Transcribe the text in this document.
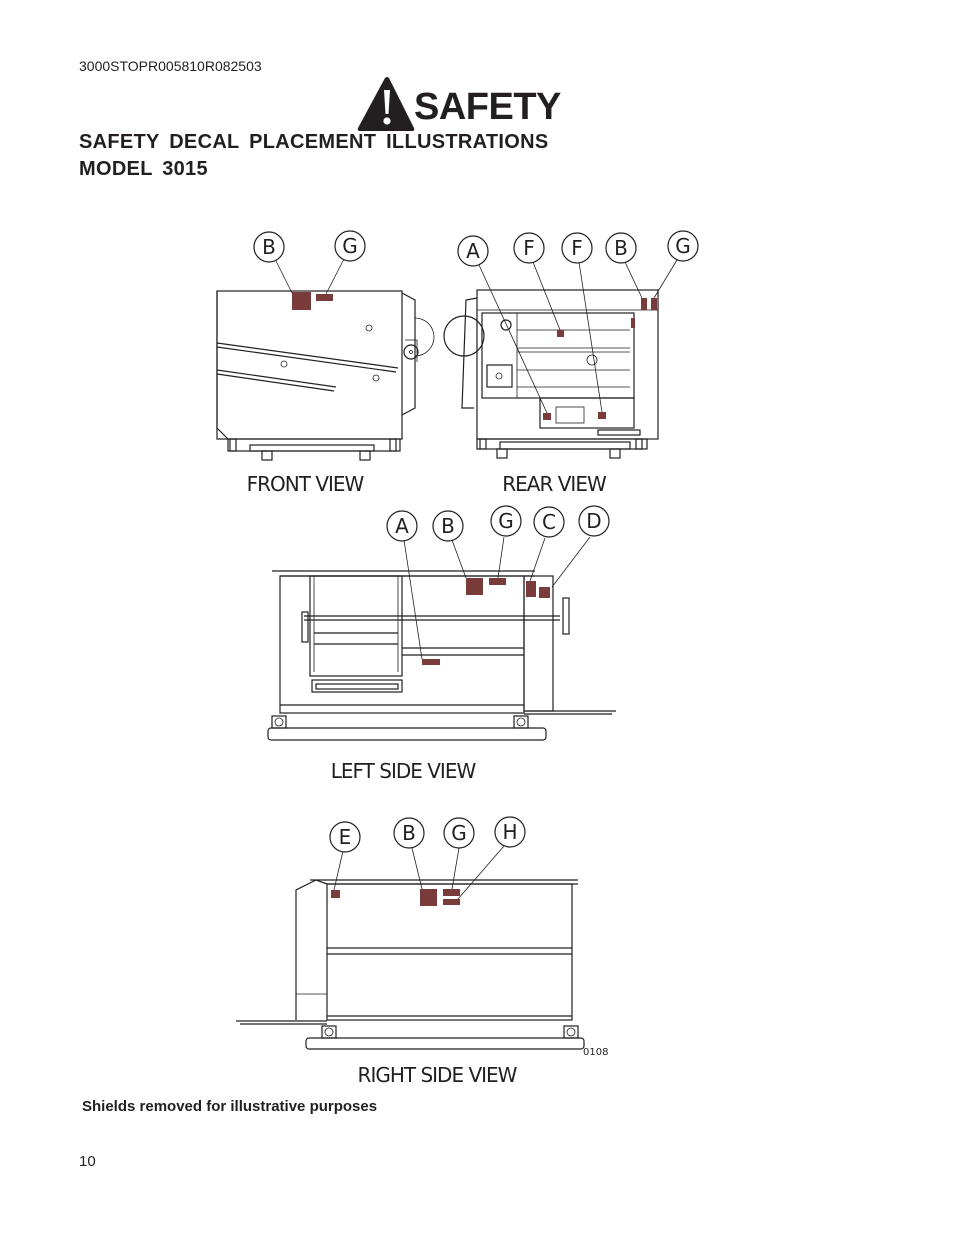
3000STOPR005810R082503
SAFETY
SAFETY DECAL PLACEMENT ILLUSTRATIONS
MODEL 3015
B	G
FRONT VIEW
A F F B G
REAR VIEW
A B G C D
LEFT SIDE VIEW
E	B G H
0108
RIGHT SIDE VIEW
Shields removed for illustrative purposes
10
